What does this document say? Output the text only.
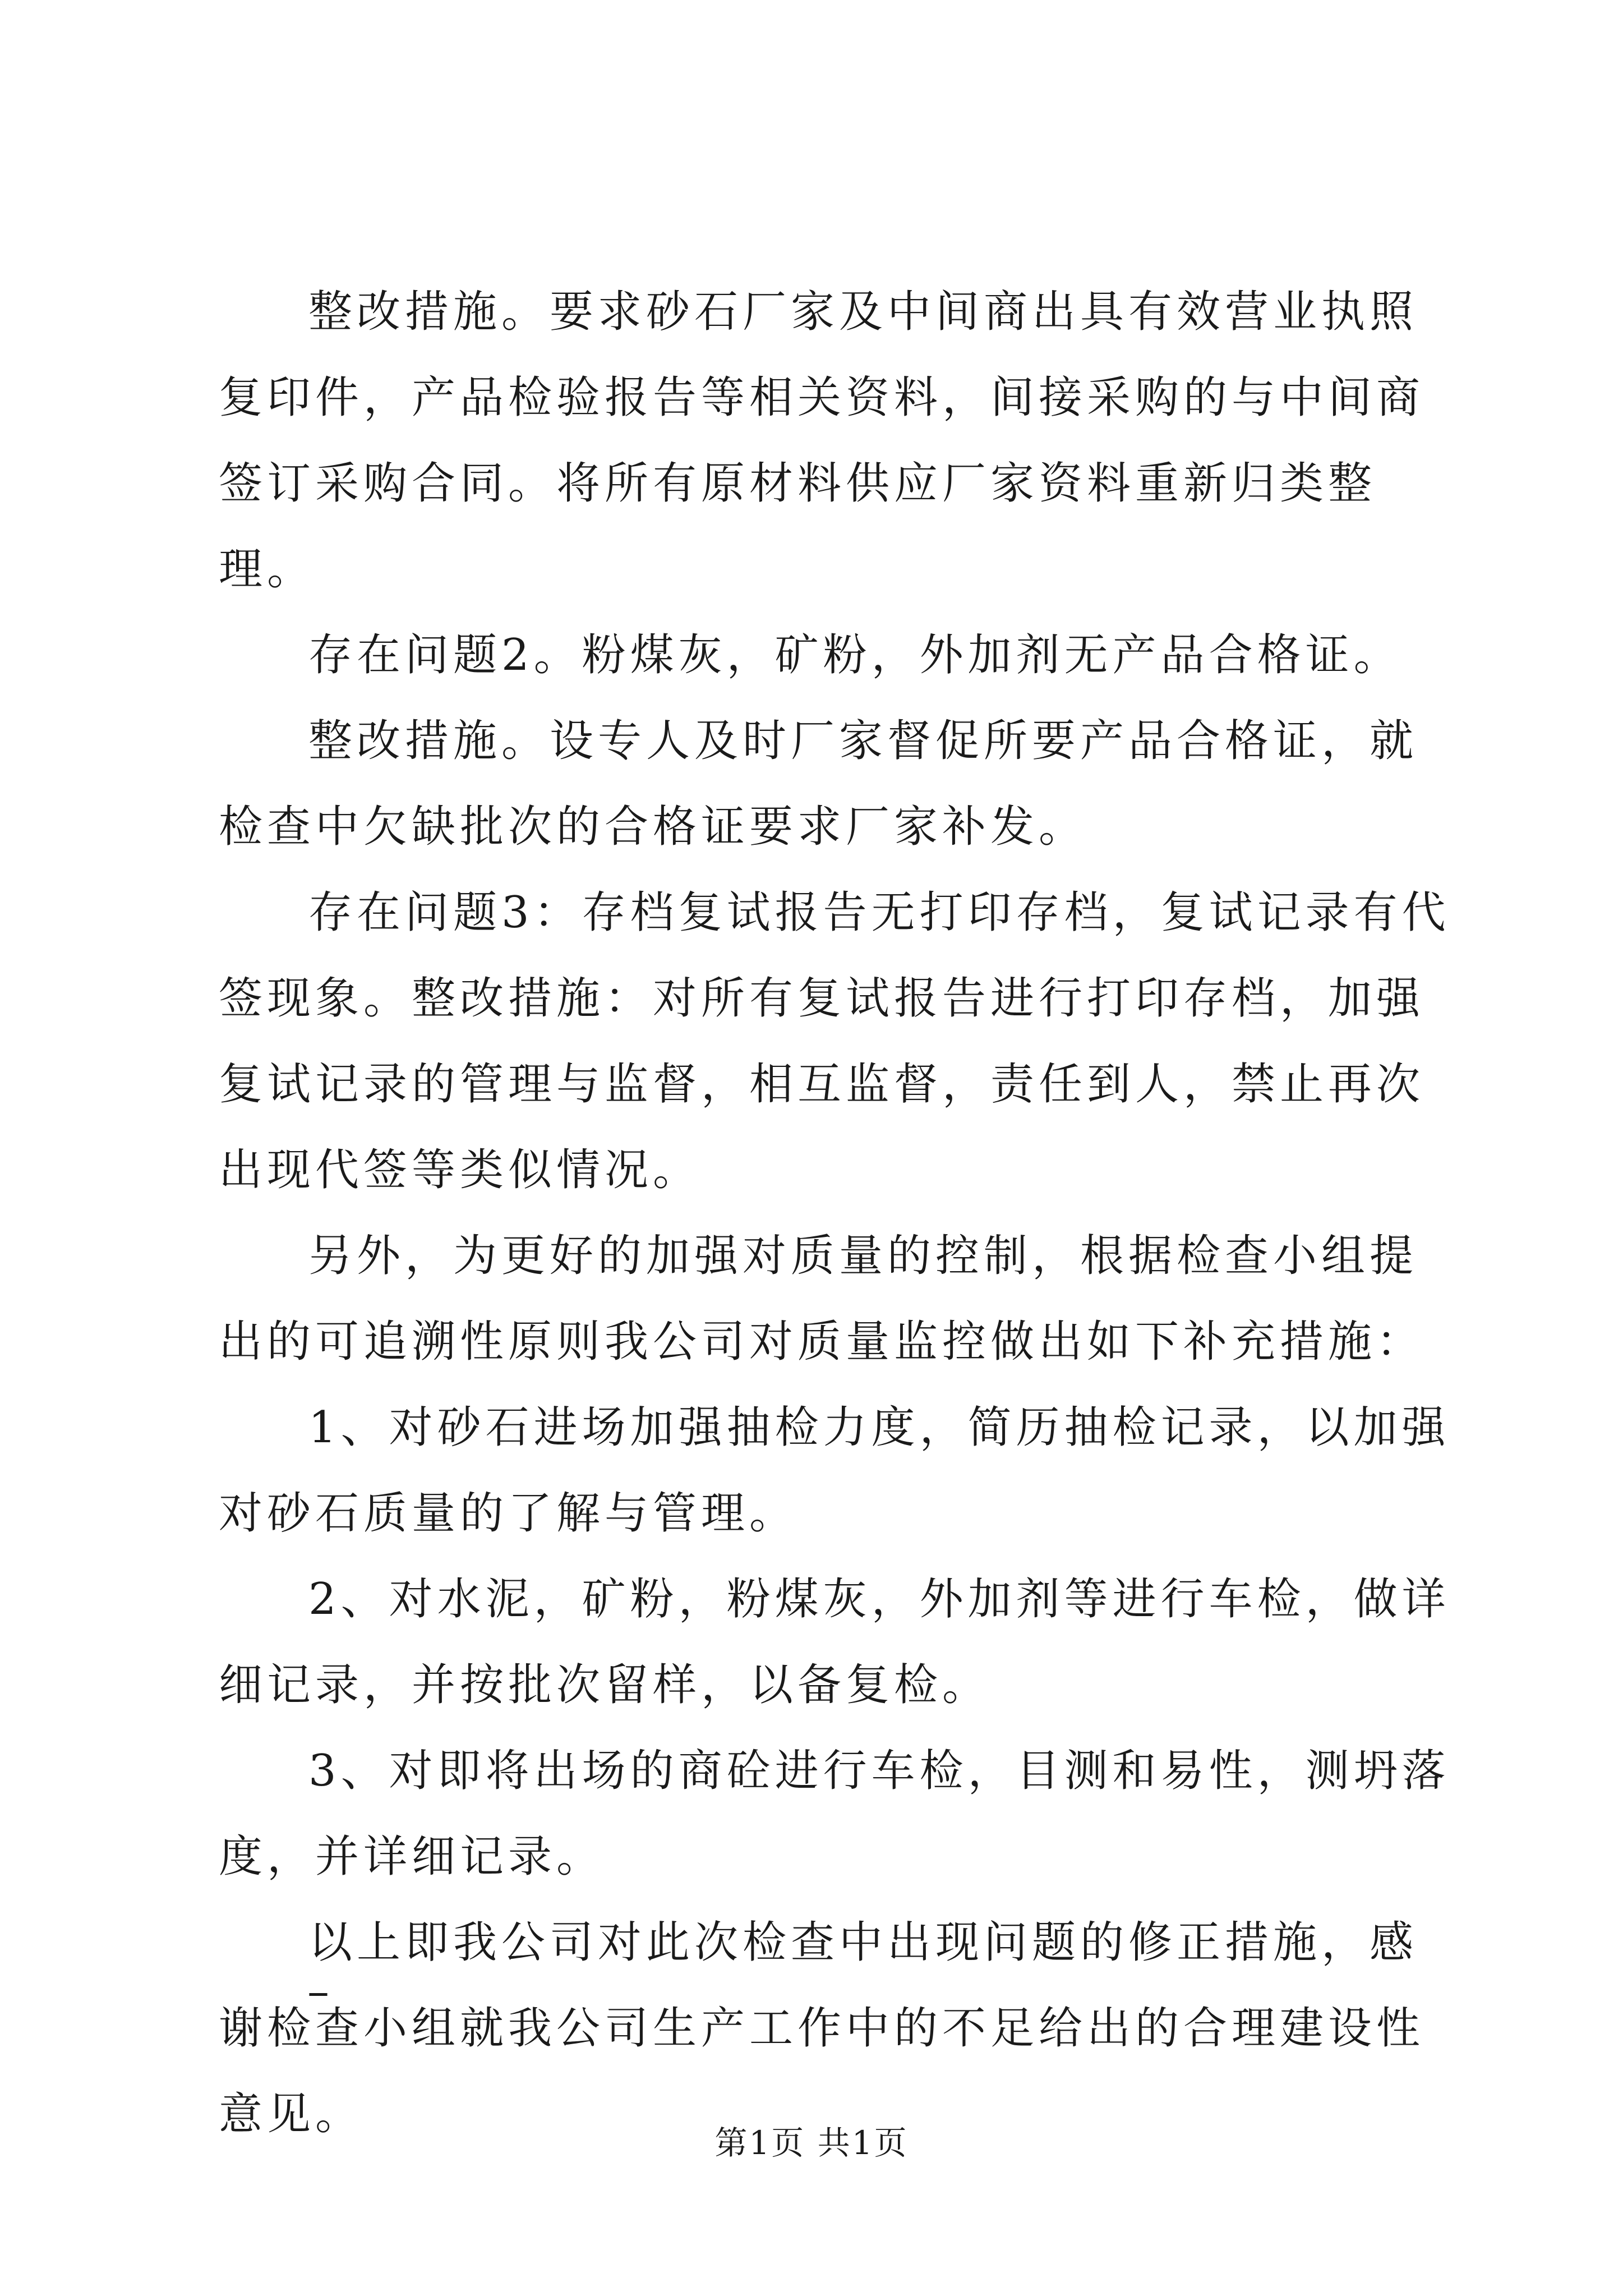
整改措施。要求砂石厂家及中间商出具有效营业执照复印件，产品检验报告等相关资料，间接采购的与中间商签订采购合同。将所有原材料供应厂家资料重新归类整理。

存在问题2。粉煤灰，矿粉，外加剂无产品合格证。

整改措施。设专人及时厂家督促所要产品合格证，就检查中欠缺批次的合格证要求厂家补发。

存在问题3：存档复试报告无打印存档，复试记录有代签现象。整改措施：对所有复试报告进行打印存档，加强复试记录的管理与监督，相互监督，责任到人，禁止再次出现代签等类似情况。

另外，为更好的加强对质量的控制，根据检查小组提出的可追溯性原则我公司对质量监控做出如下补充措施：

1、对砂石进场加强抽检力度，简历抽检记录，以加强对砂石质量的了解与管理。

2、对水泥，矿粉，粉煤灰，外加剂等进行车检，做详细记录，并按批次留样，以备复检。

3、对即将出场的商砼进行车检，目测和易性，测坍落度，并详细记录。

以上即我公司对此次检查中出现问题的修正措施，感谢检查小组就我公司生产工作中的不足给出的合理建设性意见。

–
第1页 共1页
